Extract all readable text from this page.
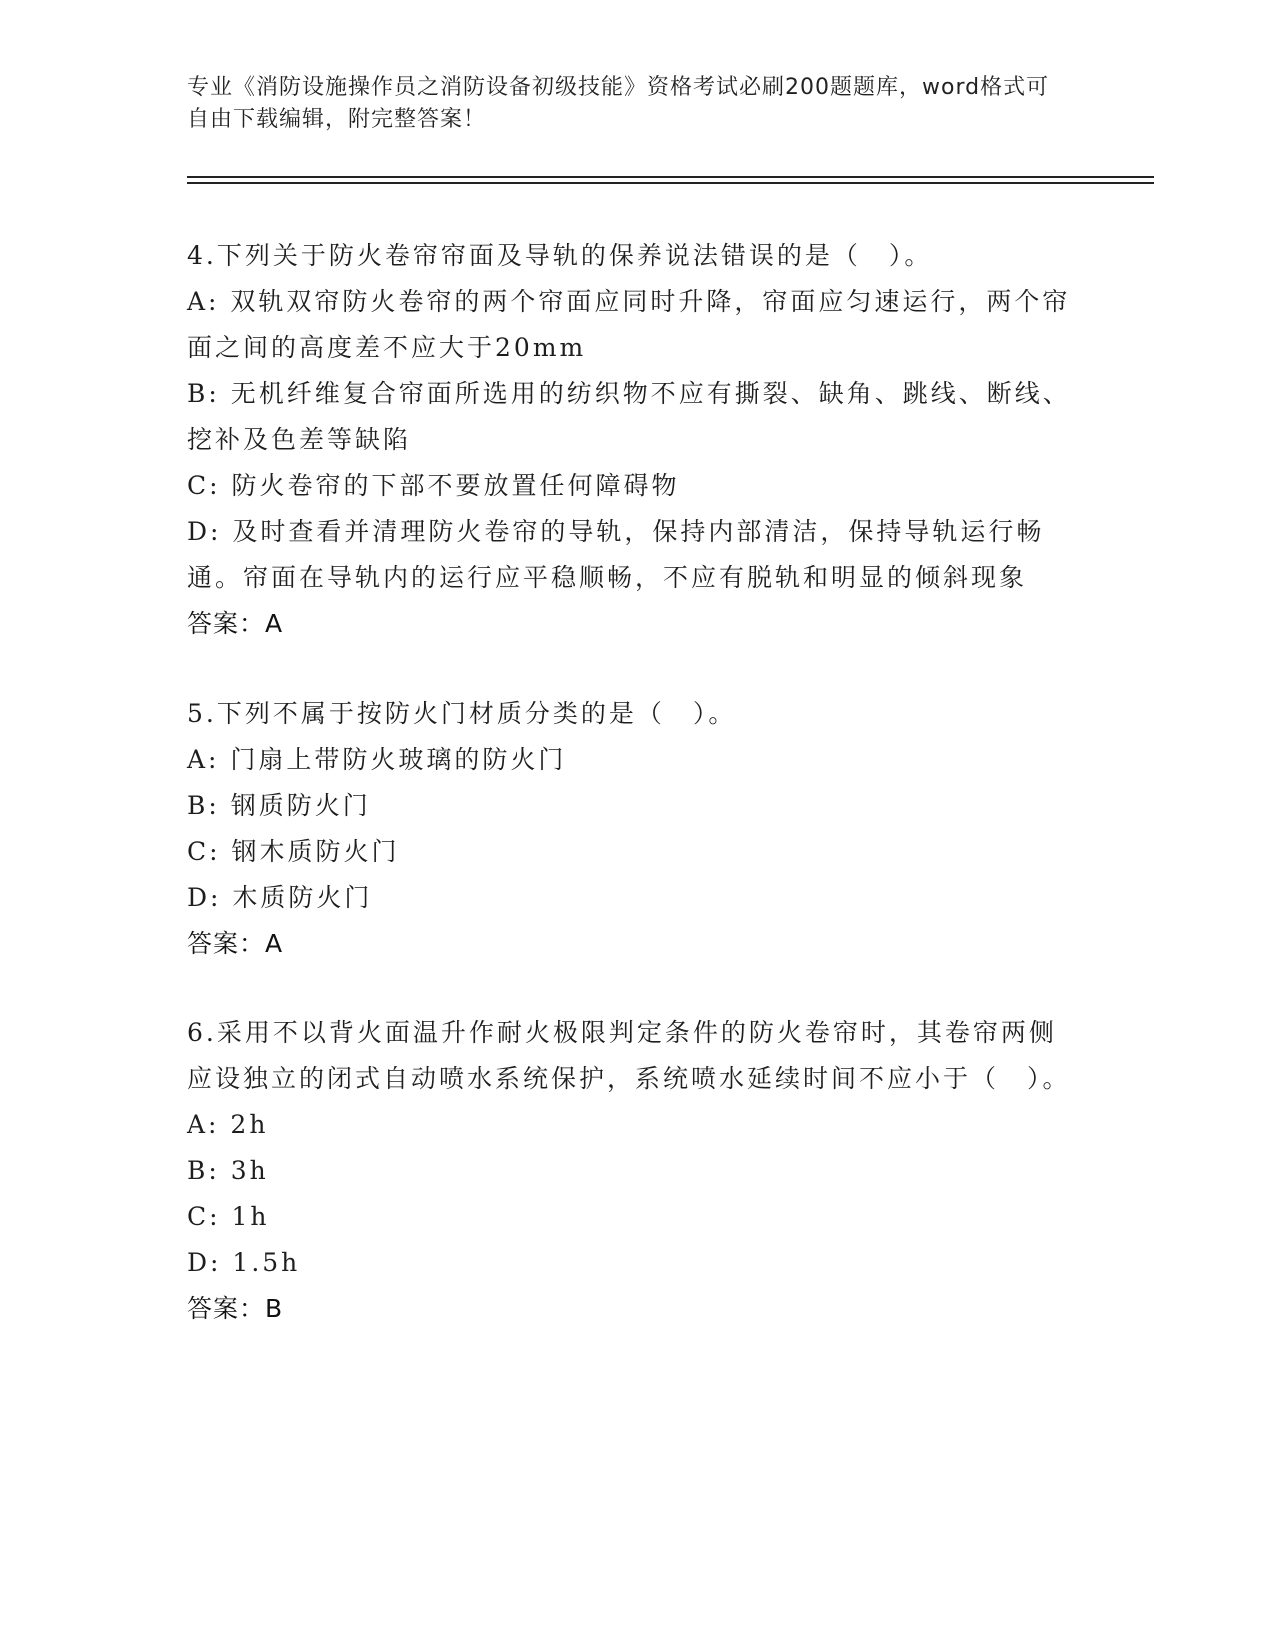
专业《消防设施操作员之消防设备初级技能》资格考试必刷200题题库，word格式可自由下载编辑，附完整答案！

4.下列关于防火卷帘帘面及导轨的保养说法错误的是（　）。

A: 双轨双帘防火卷帘的两个帘面应同时升降，帘面应匀速运行，两个帘面之间的高度差不应大于20mm

B: 无机纤维复合帘面所选用的纺织物不应有撕裂、缺角、跳线、断线、挖补及色差等缺陷

C: 防火卷帘的下部不要放置任何障碍物

D: 及时查看并清理防火卷帘的导轨，保持内部清洁，保持导轨运行畅通。帘面在导轨内的运行应平稳顺畅，不应有脱轨和明显的倾斜现象

答案：A

5.下列不属于按防火门材质分类的是（　）。

A: 门扇上带防火玻璃的防火门

B: 钢质防火门

C: 钢木质防火门

D: 木质防火门

答案：A

6.采用不以背火面温升作耐火极限判定条件的防火卷帘时，其卷帘两侧应设独立的闭式自动喷水系统保护，系统喷水延续时间不应小于（　）。

A: 2h

B: 3h

C: 1h

D: 1.5h

答案：B
